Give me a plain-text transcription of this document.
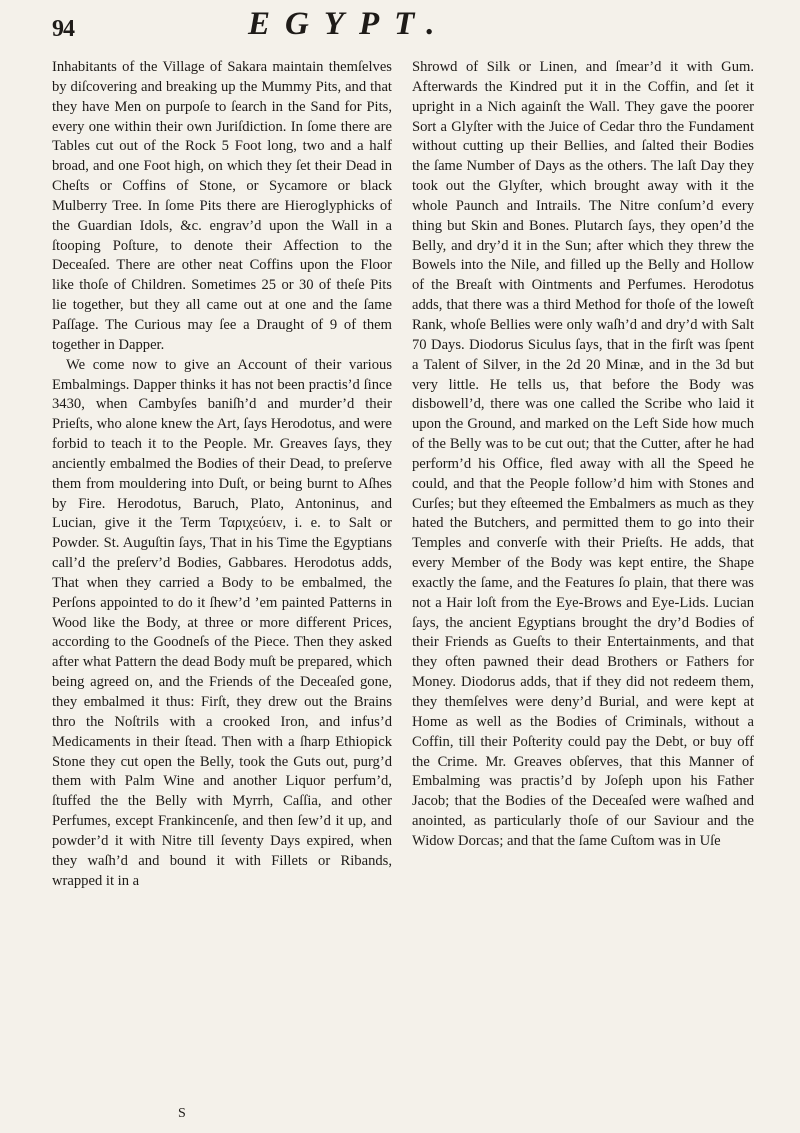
94	EGYPT.

Inhabitants of the Village of Sakara maintain themſelves by diſcovering and breaking up the Mummy Pits, and that they have Men on purpoſe to ſearch in the Sand for Pits, every one within their own Juriſdiction. In ſome there are Tables cut out of the Rock 5 Foot long, two and a half broad, and one Foot high, on which they ſet their Dead in Cheſts or Coffins of Stone, or Sycamore or black Mulberry Tree. In ſome Pits there are Hieroglyphicks of the Guardian Idols, &c. engrav’d upon the Wall in a ſtooping Poſture, to denote their Affection to the Deceaſed. There are other neat Coffins upon the Floor like thoſe of Children. Sometimes 25 or 30 of theſe Pits lie together, but they all came out at one and the ſame Paſſage. The Curious may ſee a Draught of 9 of them together in Dapper.

We come now to give an Account of their various Embalmings. Dapper thinks it has not been practis’d ſince 3430, when Cambyſes baniſh’d and murder’d their Prieſts, who alone knew the Art, ſays Herodotus, and were forbid to teach it to the People. Mr. Greaves ſays, they anciently embalmed the Bodies of their Dead, to preſerve them from mouldering into Duſt, or being burnt to Aſhes by Fire. Herodotus, Baruch, Plato, Antoninus, and Lucian, give it the Term Ταριχεύειν, i. e. to Salt or Powder. St. Auguſtin ſays, That in his Time the Egyptians call’d the preſerv’d Bodies, Gabbares. Herodotus adds, That when they carried a Body to be embalmed, the Perſons appointed to do it ſhew’d ’em painted Patterns in Wood like the Body, at three or more different Prices, according to the Goodneſs of the Piece. Then they asked after what Pattern the dead Body muſt be prepared, which being agreed on, and the Friends of the Deceaſed gone, they embalmed it thus: Firſt, they drew out the Brains thro the Noſtrils with a crooked Iron, and infus’d Medicaments in their ſtead. Then with a ſharp Ethiopick Stone they cut open the Belly, took the Guts out, purg’d them with Palm Wine and another Liquor perfum’d, ſtuffed the the Belly with Myrrh, Caſſia, and other Perfumes, except Frankincenſe, and then ſew’d it up, and powder’d it with Nitre till ſeventy Days expired, when they waſh’d and bound it with Fillets or Ribands, wrapped it in a

Shrowd of Silk or Linen, and ſmear’d it with Gum. Afterwards the Kindred put it in the Coffin, and ſet it upright in a Nich againſt the Wall. They gave the poorer Sort a Glyſter with the Juice of Cedar thro the Fundament without cutting up their Bellies, and ſalted their Bodies the ſame Number of Days as the others. The laſt Day they took out the Glyſter, which brought away with it the whole Paunch and Intrails. The Nitre conſum’d every thing but Skin and Bones. Plutarch ſays, they open’d the Belly, and dry’d it in the Sun; after which they threw the Bowels into the Nile, and filled up the Belly and Hollow of the Breaſt with Ointments and Perfumes. Herodotus adds, that there was a third Method for thoſe of the loweſt Rank, whoſe Bellies were only waſh’d and dry’d with Salt 70 Days. Diodorus Siculus ſays, that in the firſt was ſpent a Talent of Silver, in the 2d 20 Minæ, and in the 3d but very little. He tells us, that before the Body was disbowell’d, there was one called the Scribe who laid it upon the Ground, and marked on the Left Side how much of the Belly was to be cut out; that the Cutter, after he had perform’d his Office, fled away with all the Speed he could, and that the People follow’d him with Stones and Curſes; but they eſteemed the Embalmers as much as they hated the Butchers, and permitted them to go into their Temples and converſe with their Prieſts. He adds, that every Member of the Body was kept entire, the Shape exactly the ſame, and the Features ſo plain, that there was not a Hair loſt from the Eye-Brows and Eye-Lids. Lucian ſays, the ancient Egyptians brought the dry’d Bodies of their Friends as Gueſts to their Entertainments, and that they often pawned their dead Brothers or Fathers for Money. Diodorus adds, that if they did not redeem them, they themſelves were deny’d Burial, and were kept at Home as well as the Bodies of Criminals, without a Coffin, till their Poſterity could pay the Debt, or buy off the Crime. Mr. Greaves obſerves, that this Manner of Embalming was practis’d by Joſeph upon his Father Jacob; that the Bodies of the Deceaſed were waſhed and anointed, as particularly thoſe of our Saviour and the Widow Dorcas; and that the ſame Cuſtom was in Uſe

S
